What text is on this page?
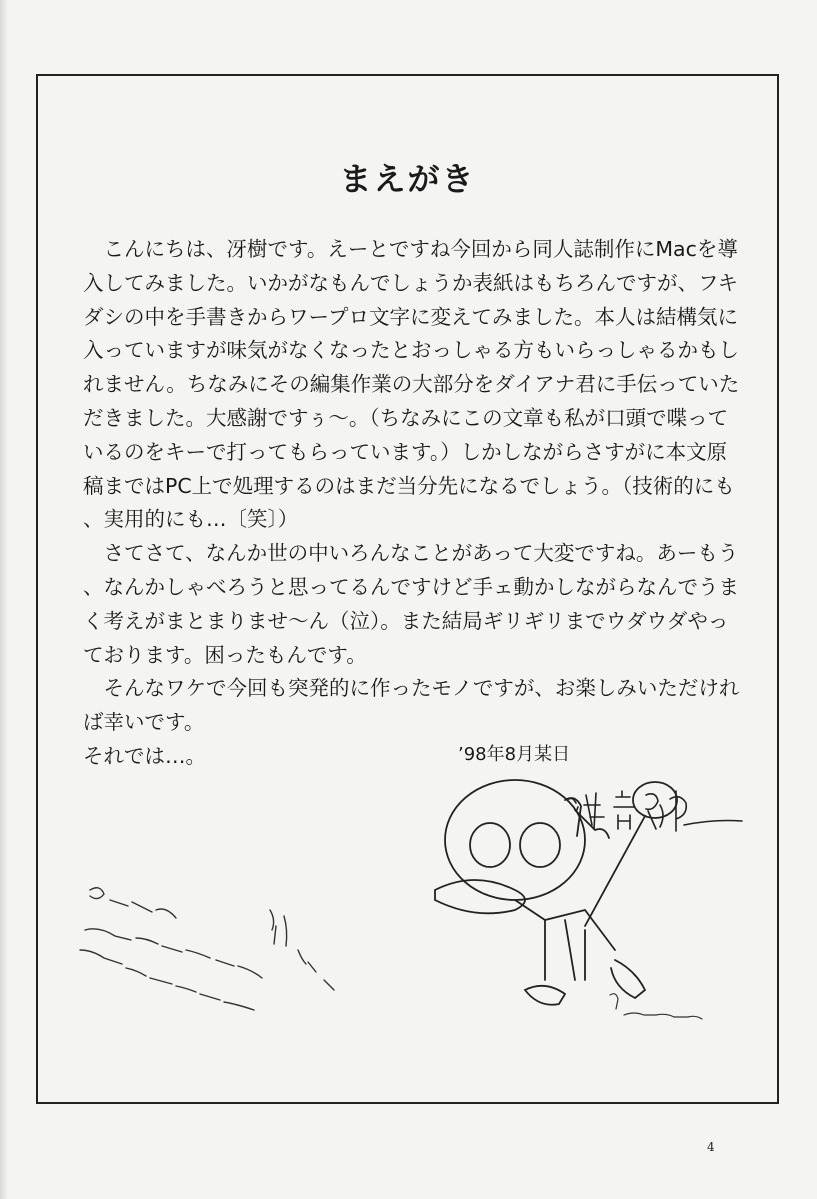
まえがき
　こんにちは、冴樹です。えーとですね今回から同人誌制作にMacを導
入してみました。いかがなもんでしょうか表紙はもちろんですが、フキ
ダシの中を手書きからワープロ文字に変えてみました。本人は結構気に
入っていますが味気がなくなったとおっしゃる方もいらっしゃるかもし
れません。ちなみにその編集作業の大部分をダイアナ君に手伝っていた
だきました。大感謝ですぅ～。（ちなみにこの文章も私が口頭で喋って
いるのをキーで打ってもらっています。）しかしながらさすがに本文原
稿まではPC上で処理するのはまだ当分先になるでしょう。（技術的にも
、実用的にも…〔笑〕）
　さてさて、なんか世の中いろんなことがあって大変ですね。あーもう
、なんかしゃべろうと思ってるんですけど手ェ動かしながらなんでうま
く考えがまとまりませ～ん（泣）。また結局ギリギリまでウダウダやっ
ております。困ったもんです。
　そんなワケで今回も突発的に作ったモノですが、お楽しみいただけれ
ば幸いです。
それでは…。	’98年8月某日
4
